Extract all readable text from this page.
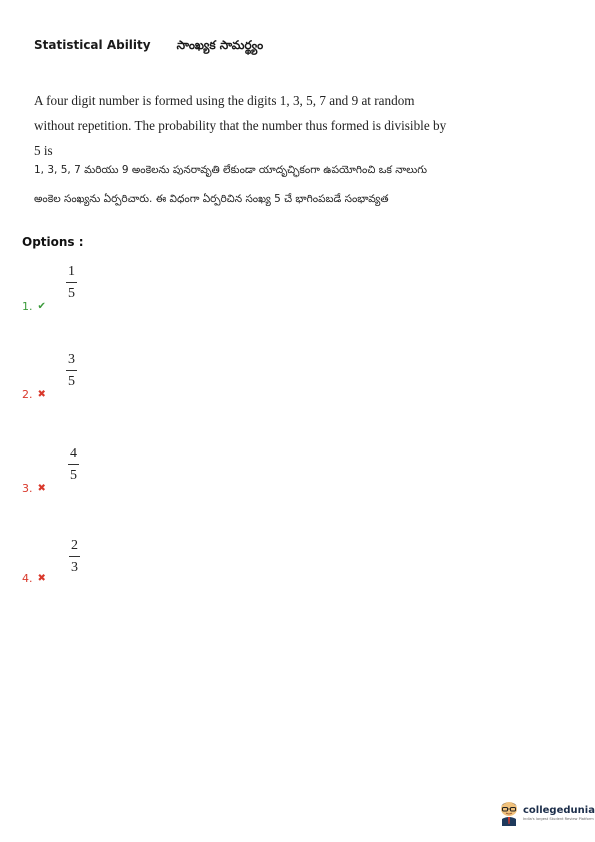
Statistical Ability సాంఖ్యక సామర్థ్యం
A four digit number is formed using the digits 1, 3, 5, 7 and 9 at random without repetition. The probability that the number thus formed is divisible by 5 is
1, 3, 5, 7 మరియు 9 అంకెలను పునరావృతి లేకుండా యాదృచ్ఛికంగా ఉపయోగించి ఒక నాలుగు అంకెల సంఖ్యను ఏర్పరిచారు. ఈ విధంగా ఏర్పరిచిన సంఖ్య 5 చే భాగింపబడే సంభావ్యత
Options :
1. ✔
1
5
2. ✖
3
5
3. ✖
4
5
4. ✖
2
3
collegedunia
India's largest Student Review Platform
